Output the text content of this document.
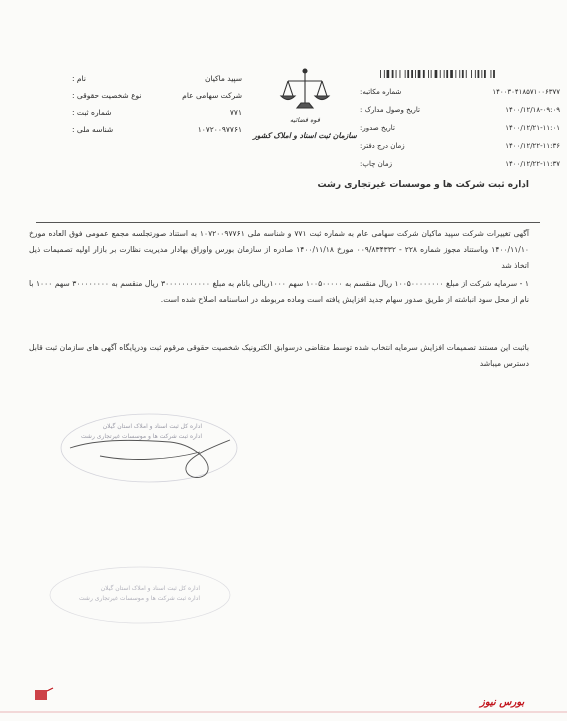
نام :	سپید ماکیان
نوع شخصیت حقوقی :	شرکت سهامی عام
شماره ثبت :	۷۷۱
شناسه ملی :	۱۰۷۲۰۰۹۷۷۶۱
قوه قضائیه
سازمان ثبت اسناد و املاک کشور
شماره مکاتبه:	۱۴۰۰۳۰۴۱۸۵۷۱۰۰۶۳۷۷
تاریخ وصول مدارک :	۱۴۰۰/۱۲/۱۸-۰۹:۰۹
تاریخ صدور:	۱۴۰۰/۱۲/۲۱-۱۱:۰۱
زمان درج دفتر:	۱۴۰۰/۱۲/۲۲-۱۱:۳۶
زمان چاپ:	۱۴۰۰/۱۲/۲۲-۱۱:۳۷
اداره ثبت شرکت ها و موسسات غیرتجاری رشت
آگهی تغییرات شرکت سپید ماکیان شرکت سهامی عام به شماره ثبت ۷۷۱ و شناسه ملی ۱۰۷۲۰۰۹۷۷۶۱ به استناد صورتجلسه مجمع عمومی فوق العاده مورخ ۱۴۰۰/۱۱/۱۰ وباستناد مجوز شماره ۲۲۸ - ۰۰۹/۸۳۴۳۳۲ مورخ ۱۴۰۰/۱۱/۱۸ صادره از سازمان بورس واوراق بهادار مدیریت نظارت بر بازار اولیه تصمیمات ذیل اتخاذ شد
۱ - سرمایه شرکت از مبلغ ۱۰۰۵۰۰۰۰۰۰۰۰ ریال منقسم به ۱۰۰۵۰۰۰۰۰ سهم ۱۰۰۰ریالی بانام به مبلغ ۳۰۰۰۰۰۰۰۰۰۰۰ ریال منقسم به ۳۰۰۰۰۰۰۰۰ سهم ۱۰۰۰ با نام از محل سود انباشته از طریق صدور سهام جدید افزایش یافته است وماده مربوطه در اساسنامه اصلاح شده است.
باثبت این مستند تصمیمات افزایش سرمایه انتخاب شده توسط متقاضی درسوابق الکترونیک شخصیت حقوقی مرقوم ثبت ودرپایگاه آگهی های سازمان ثبت قابل دسترس میباشد
اداره کل ثبت اسناد و املاک استان گیلان
اداره ثبت شرکت ها و موسسات غیرتجاری رشت
اداره کل ثبت اسناد و املاک استان گیلان
اداره ثبت شرکت ها و موسسات غیرتجاری رشت
بورس نیوز
